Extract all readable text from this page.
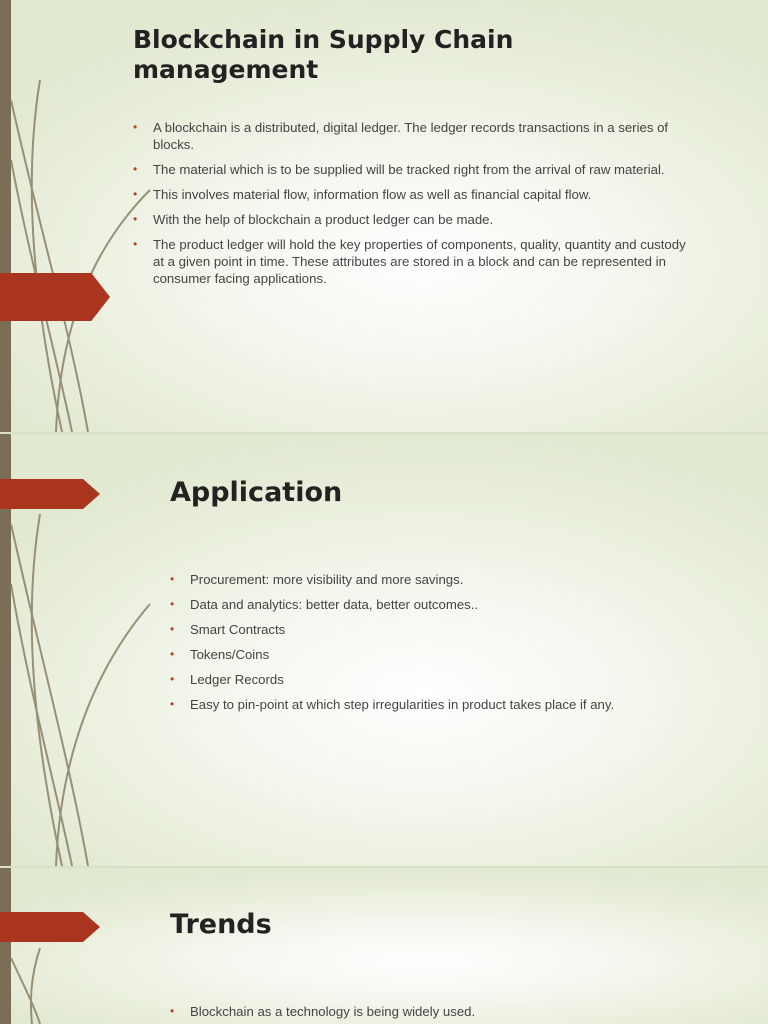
Blockchain in Supply Chain management
• A blockchain is a distributed, digital ledger. The ledger records transactions in a series of blocks.
• The material which is to be supplied will be tracked right from the arrival of raw material.
• This involves material flow, information flow as well as financial capital flow.
• With the help of blockchain a product ledger can be made.
• The product ledger will hold the key properties of components, quality, quantity and custody at a given point in time. These attributes are stored in a block and can be represented in consumer facing applications.
Application
• Procurement: more visibility and more savings.
• Data and analytics: better data, better outcomes..
• Smart Contracts
• Tokens/Coins
• Ledger Records
• Easy to pin-point at which step irregularities in product takes place if any.
Trends
• Blockchain as a technology is being widely used.
